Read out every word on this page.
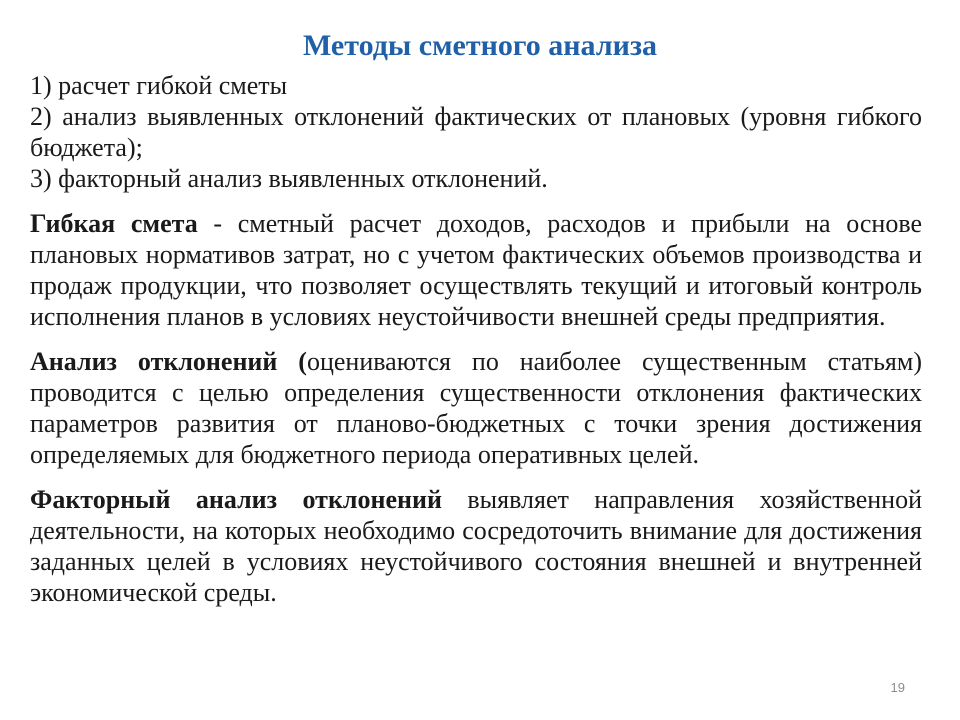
Методы сметного анализа

1) расчет гибкой сметы

2) анализ выявленных отклонений фактических от плановых (уровня гибкого бюджета);

3) факторный анализ выявленных отклонений.

Гибкая смета - сметный расчет доходов, расходов и прибыли на основе плановых нормативов затрат, но с учетом фактических объемов производства и продаж продукции, что позволяет осуществлять текущий и итоговый контроль исполнения планов в условиях неустойчивости внешней среды предприятия.

Анализ отклонений (оцениваются по наиболее существенным статьям) проводится с целью определения существенности отклонения фактических параметров развития от планово-бюджетных с точки зрения достижения определяемых для бюджетного периода оперативных целей.

Факторный анализ отклонений выявляет направления хозяйственной деятельности, на которых необходимо сосредоточить внимание для достижения заданных целей в условиях неустойчивого состояния внешней и внутренней экономической среды.

19
